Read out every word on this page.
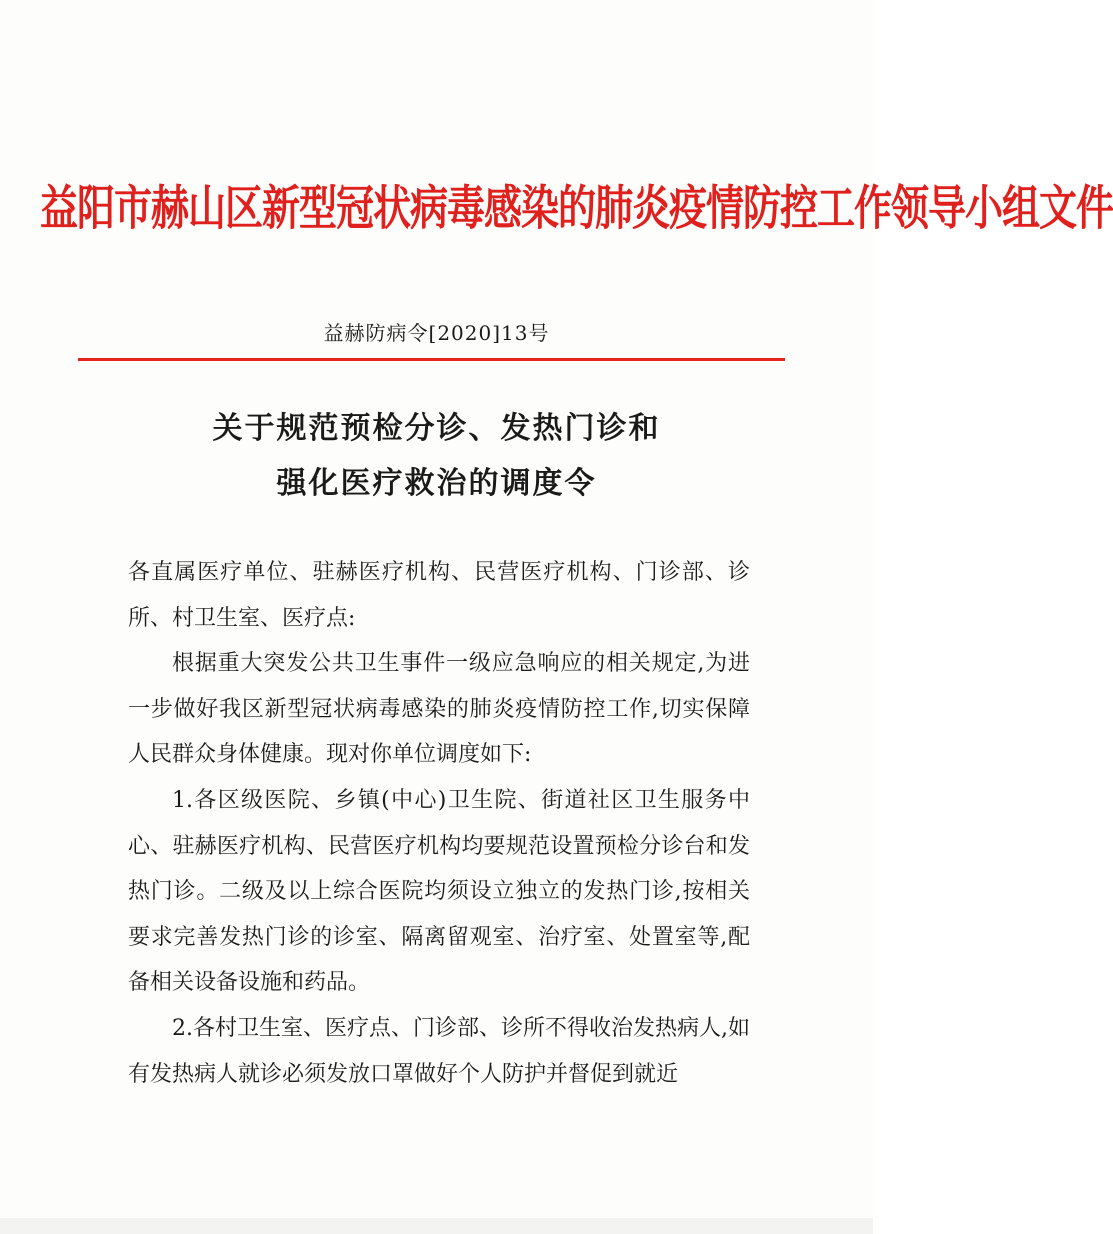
益阳市赫山区新型冠状病毒感染的肺炎疫情防控工作领导小组文件
益赫防病令[2020]13号
关于规范预检分诊、发热门诊和
强化医疗救治的调度令

各直属医疗单位、驻赫医疗机构、民营医疗机构、门诊部、诊所、村卫生室、医疗点:

根据重大突发公共卫生事件一级应急响应的相关规定,为进一步做好我区新型冠状病毒感染的肺炎疫情防控工作,切实保障人民群众身体健康。现对你单位调度如下:

1.各区级医院、乡镇(中心)卫生院、街道社区卫生服务中心、驻赫医疗机构、民营医疗机构均要规范设置预检分诊台和发热门诊。二级及以上综合医院均须设立独立的发热门诊,按相关要求完善发热门诊的诊室、隔离留观室、治疗室、处置室等,配备相关设备设施和药品。

2.各村卫生室、医疗点、门诊部、诊所不得收治发热病人,如有发热病人就诊必须发放口罩做好个人防护并督促到就近
